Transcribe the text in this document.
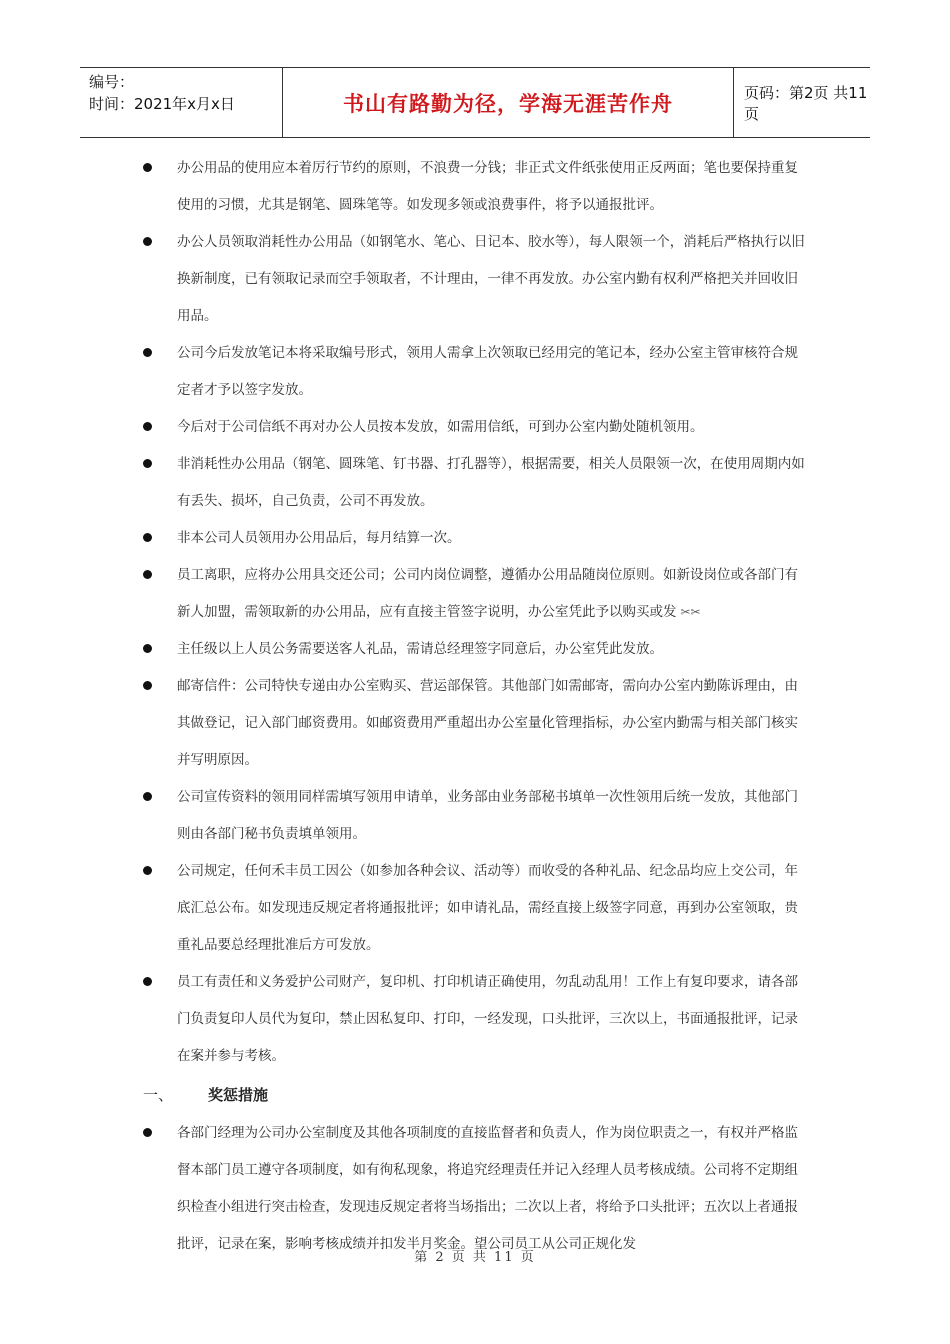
编号：
时间：2021年x月x日	书山有路勤为径，学海无涯苦作舟	页码：第2页 共11页
办公用品的使用应本着厉行节约的原则，不浪费一分钱；非正式文件纸张使用正反两面；笔也要保持重复使用的习惯，尤其是钢笔、圆珠笔等。如发现多领或浪费事件，将予以通报批评。
办公人员领取消耗性办公用品（如钢笔水、笔心、日记本、胶水等），每人限领一个，消耗后严格执行以旧换新制度，已有领取记录而空手领取者，不计理由，一律不再发放。办公室内勤有权利严格把关并回收旧用品。
公司今后发放笔记本将采取编号形式，领用人需拿上次领取已经用完的笔记本，经办公室主管审核符合规定者才予以签字发放。
今后对于公司信纸不再对办公人员按本发放，如需用信纸，可到办公室内勤处随机领用。
非消耗性办公用品（钢笔、圆珠笔、钉书器、打孔器等），根据需要，相关人员限领一次，在使用周期内如有丢失、损坏，自己负责，公司不再发放。
非本公司人员领用办公用品后，每月结算一次。
员工离职，应将办公用具交还公司；公司内岗位调整，遵循办公用品随岗位原则。如新设岗位或各部门有新人加盟，需领取新的办公用品，应有直接主管签字说明，办公室凭此予以购买或发 ✂✂
主任级以上人员公务需要送客人礼品，需请总经理签字同意后，办公室凭此发放。
邮寄信件：公司特快专递由办公室购买、营运部保管。其他部门如需邮寄，需向办公室内勤陈诉理由，由其做登记，记入部门邮资费用。如邮资费用严重超出办公室量化管理指标，办公室内勤需与相关部门核实并写明原因。
公司宣传资料的领用同样需填写领用申请单，业务部由业务部秘书填单一次性领用后统一发放，其他部门则由各部门秘书负责填单领用。
公司规定，任何禾丰员工因公（如参加各种会议、活动等）而收受的各种礼品、纪念品均应上交公司，年底汇总公布。如发现违反规定者将通报批评；如申请礼品，需经直接上级签字同意，再到办公室领取，贵重礼品要总经理批准后方可发放。
员工有责任和义务爱护公司财产，复印机、打印机请正确使用，勿乱动乱用！工作上有复印要求，请各部门负责复印人员代为复印，禁止因私复印、打印，一经发现，口头批评，三次以上，书面通报批评，记录在案并参与考核。
一、 奖惩措施
各部门经理为公司办公室制度及其他各项制度的直接监督者和负责人，作为岗位职责之一，有权并严格监督本部门员工遵守各项制度，如有徇私现象，将追究经理责任并记入经理人员考核成绩。公司将不定期组织检查小组进行突击检查，发现违反规定者将当场指出；二次以上者，将给予口头批评；五次以上者通报批评，记录在案，影响考核成绩并扣发半月奖金。望公司员工从公司正规化发
第 2 页 共 11 页
